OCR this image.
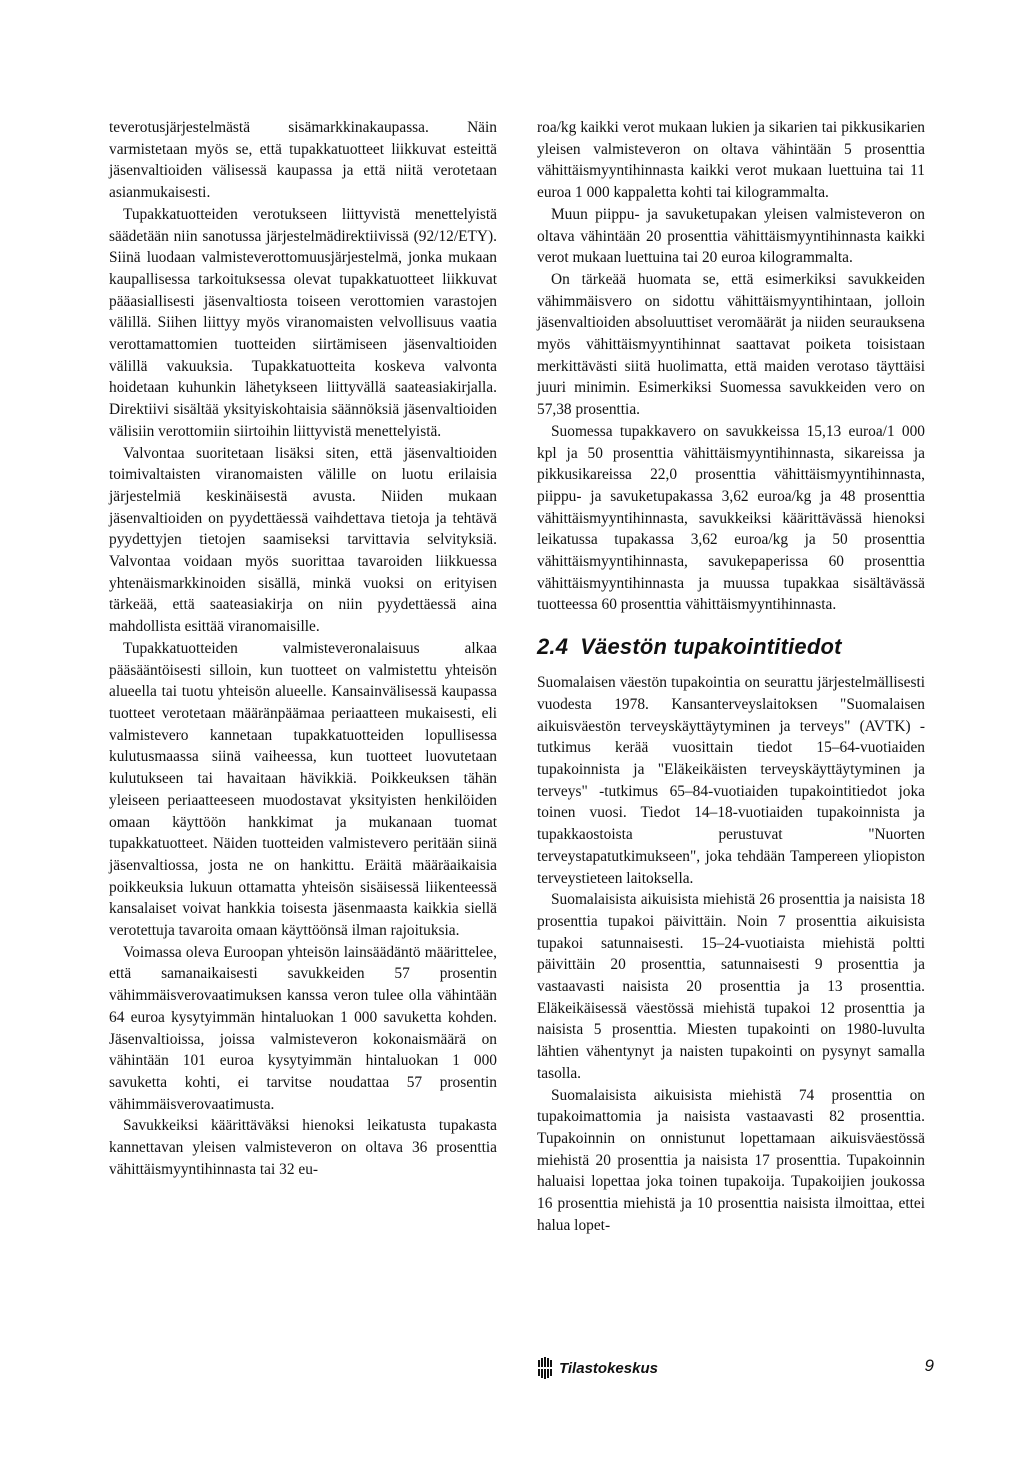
teverotusjärjestelmästä sisämarkkinakaupassa. Näin varmistetaan myös se, että tupakkatuotteet liikkuvat esteittä jäsenvaltioiden välisessä kaupassa ja että niitä verotetaan asianmukaisesti.

Tupakkatuotteiden verotukseen liittyvistä menettelyistä säädetään niin sanotussa järjestelmädirektiivissä (92/12/ETY). Siinä luodaan valmisteverottomuusjärjestelmä, jonka mukaan kaupallisessa tarkoituksessa olevat tupakkatuotteet liikkuvat pääasiallisesti jäsenvaltiosta toiseen verottomien varastojen välillä. Siihen liittyy myös viranomaisten velvollisuus vaatia verottamattomien tuotteiden siirtämiseen jäsenvaltioiden välillä vakuuksia. Tupakkatuotteita koskeva valvonta hoidetaan kuhunkin lähetykseen liittyvällä saateasiakirjalla. Direktiivi sisältää yksityiskohtaisia säännöksiä jäsenvaltioiden välisiin verottomiin siirtoihin liittyvistä menettelyistä.

Valvontaa suoritetaan lisäksi siten, että jäsenvaltioiden toimivaltaisten viranomaisten välille on luotu erilaisia järjestelmiä keskinäisestä avusta. Niiden mukaan jäsenvaltioiden on pyydettäessä vaihdettava tietoja ja tehtävä pyydettyjen tietojen saamiseksi tarvittavia selvityksiä. Valvontaa voidaan myös suorittaa tavaroiden liikkuessa yhtenäismarkkinoiden sisällä, minkä vuoksi on erityisen tärkeää, että saateasiakirja on niin pyydettäessä aina mahdollista esittää viranomaisille.

Tupakkatuotteiden valmisteveronalaisuus alkaa pääsääntöisesti silloin, kun tuotteet on valmistettu yhteisön alueella tai tuotu yhteisön alueelle. Kansainvälisessä kaupassa tuotteet verotetaan määränpäämaa periaatteen mukaisesti, eli valmistevero kannetaan tupakkatuotteiden lopullisessa kulutusmaassa siinä vaiheessa, kun tuotteet luovutetaan kulutukseen tai havaitaan hävikkiä. Poikkeuksen tähän yleiseen periaatteeseen muodostavat yksityisten henkilöiden omaan käyttöön hankkimat ja mukanaan tuomat tupakkatuotteet. Näiden tuotteiden valmistevero peritään siinä jäsenvaltiossa, josta ne on hankittu. Eräitä määräaikaisia poikkeuksia lukuun ottamatta yhteisön sisäisessä liikenteessä kansalaiset voivat hankkia toisesta jäsenmaasta kaikkia siellä verotettuja tavaroita omaan käyttöönsä ilman rajoituksia.

Voimassa oleva Euroopan yhteisön lainsäädäntö määrittelee, että samanaikaisesti savukkeiden 57 prosentin vähimmäisverovaatimuksen kanssa veron tulee olla vähintään 64 euroa kysytyimmän hintaluokan 1 000 savuketta kohden. Jäsenvaltioissa, joissa valmisteveron kokonaismäärä on vähintään 101 euroa kysytyimmän hintaluokan 1 000 savuketta kohti, ei tarvitse noudattaa 57 prosentin vähimmäisverovaatimusta.

Savukkeiksi käärittäväksi hienoksi leikatusta tupakasta kannettavan yleisen valmisteveron on oltava 36 prosenttia vähittäismyyntihinnasta tai 32 eu-

roa/kg kaikki verot mukaan lukien ja sikarien tai pikkusikarien yleisen valmisteveron on oltava vähintään 5 prosenttia vähittäismyyntihinnasta kaikki verot mukaan luettuina tai 11 euroa 1 000 kappaletta kohti tai kilogrammalta.

Muun piippu- ja savuketupakan yleisen valmisteveron on oltava vähintään 20 prosenttia vähittäismyyntihinnasta kaikki verot mukaan luettuina tai 20 euroa kilogrammalta.

On tärkeää huomata se, että esimerkiksi savukkeiden vähimmäisvero on sidottu vähittäismyyntihintaan, jolloin jäsenvaltioiden absoluuttiset veromäärät ja niiden seurauksena myös vähittäismyyntihinnat saattavat poiketa toisistaan merkittävästi siitä huolimatta, että maiden verotaso täyttäisi juuri minimin. Esimerkiksi Suomessa savukkeiden vero on 57,38 prosenttia.

Suomessa tupakkavero on savukkeissa 15,13 euroa/1 000 kpl ja 50 prosenttia vähittäismyyntihinnasta, sikareissa ja pikkusikareissa 22,0 prosenttia vähittäismyyntihinnasta, piippu- ja savuketupakassa 3,62 euroa/kg ja 48 prosenttia vähittäismyyntihinnasta, savukkeiksi käärittävässä hienoksi leikatussa tupakassa 3,62 euroa/kg ja 50 prosenttia vähittäismyyntihinnasta, savukepaperissa 60 prosenttia vähittäismyyntihinnasta ja muussa tupakkaa sisältävässä tuotteessa 60 prosenttia vähittäismyyntihinnasta.

2.4 Väestön tupakointitiedot

Suomalaisen väestön tupakointia on seurattu järjestelmällisesti vuodesta 1978. Kansanterveyslaitoksen "Suomalaisen aikuisväestön terveyskäyttäytyminen ja terveys" (AVTK) -tutkimus kerää vuosittain tiedot 15–64-vuotiaiden tupakoinnista ja "Eläkeikäisten terveyskäyttäytyminen ja terveys" -tutkimus 65–84-vuotiaiden tupakointitiedot joka toinen vuosi. Tiedot 14–18-vuotiaiden tupakoinnista ja tupakkaostoista perustuvat "Nuorten terveystapatutkimukseen", joka tehdään Tampereen yliopiston terveystieteen laitoksella.

Suomalaisista aikuisista miehistä 26 prosenttia ja naisista 18 prosenttia tupakoi päivittäin. Noin 7 prosenttia aikuisista tupakoi satunnaisesti. 15–24-vuotiaista miehistä poltti päivittäin 20 prosenttia, satunnaisesti 9 prosenttia ja vastaavasti naisista 20 prosenttia ja 13 prosenttia. Eläkeikäisessä väestössä miehistä tupakoi 12 prosenttia ja naisista 5 prosenttia. Miesten tupakointi on 1980-luvulta lähtien vähentynyt ja naisten tupakointi on pysynyt samalla tasolla.

Suomalaisista aikuisista miehistä 74 prosenttia on tupakoimattomia ja naisista vastaavasti 82 prosenttia. Tupakoinnin on onnistunut lopettamaan aikuisväestössä miehistä 20 prosenttia ja naisista 17 prosenttia. Tupakoinnin haluaisi lopettaa joka toinen tupakoija. Tupakoijien joukossa 16 prosenttia miehistä ja 10 prosenttia naisista ilmoittaa, ettei halua lopet-

Tilastokeskus	9
